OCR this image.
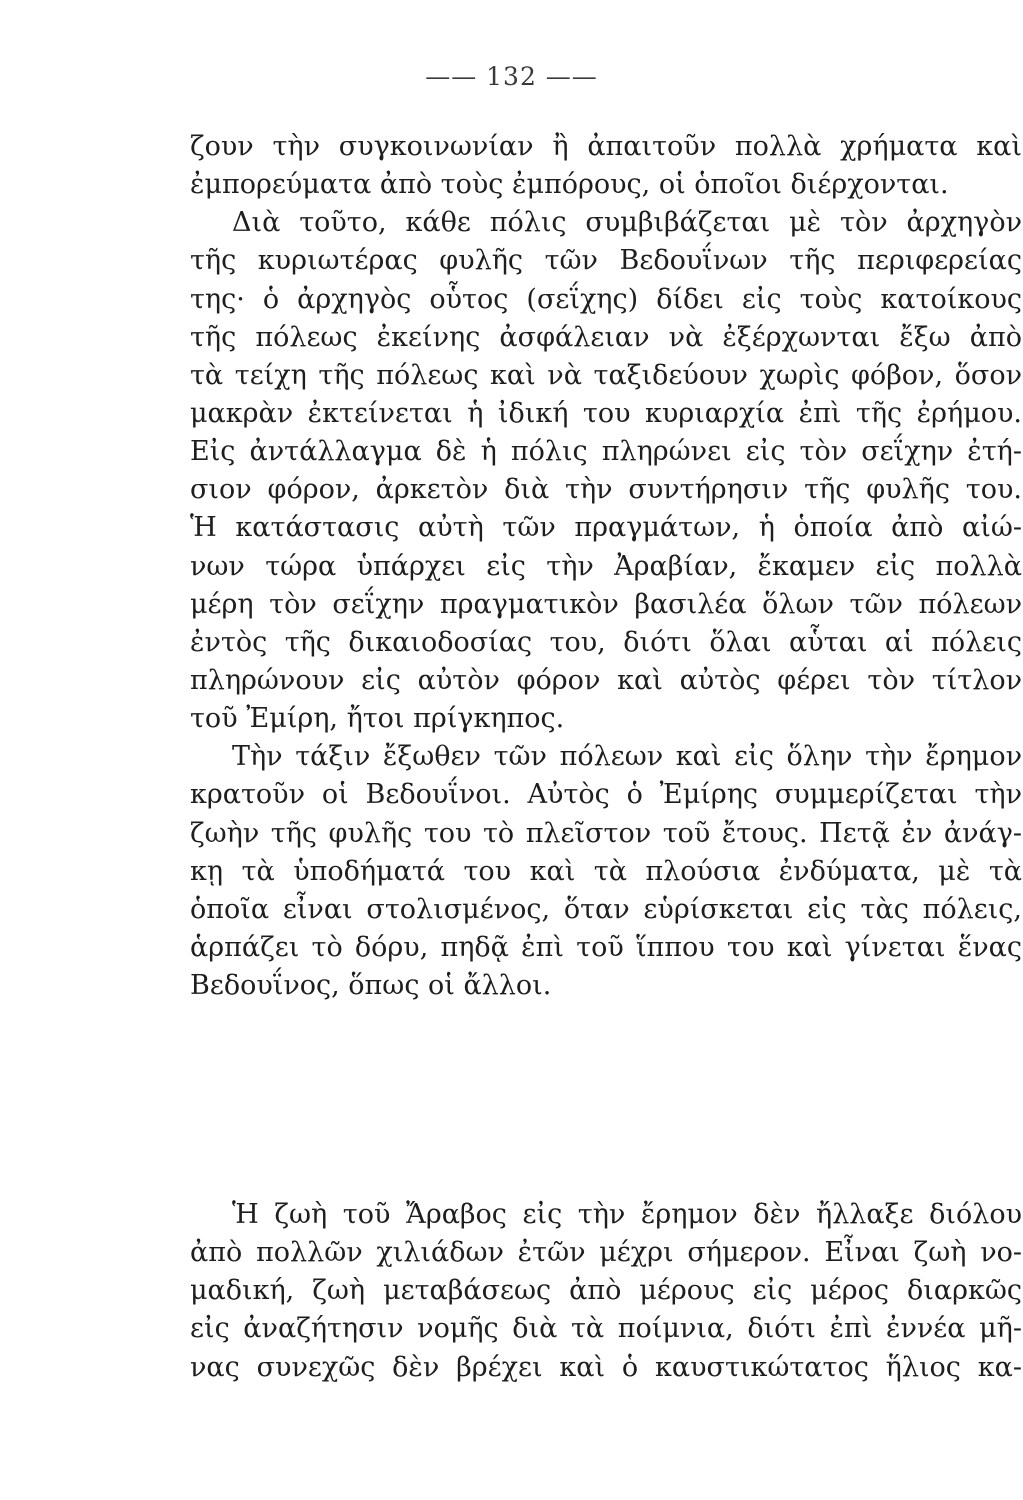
—— 132 ——
ζουν τὴν συγκοινωνίαν ἢ ἀπαιτοῦν πολλὰ χρήματα καὶ
ἐμπορεύματα ἀπὸ τοὺς ἐμπόρους, οἱ ὁποῖοι διέρχονται.
Διὰ τοῦτο, κάθε πόλις συμβιβάζεται μὲ τὸν ἀρχηγὸν
τῆς κυριωτέρας φυλῆς τῶν Βεδουΐνων τῆς περιφερείας
της· ὁ ἀρχηγὸς οὗτος (σεΐχης) δίδει εἰς τοὺς κατοίκους
τῆς πόλεως ἐκείνης ἀσφάλειαν νὰ ἐξέρχωνται ἔξω ἀπὸ
τὰ τείχη τῆς πόλεως καὶ νὰ ταξιδεύουν χωρὶς φόβον, ὅσον
μακρὰν ἐκτείνεται ἡ ἰδική του κυριαρχία ἐπὶ τῆς ἐρήμου.
Εἰς ἀντάλλαγμα δὲ ἡ πόλις πληρώνει εἰς τὸν σεΐχην ἐτή-
σιον φόρον, ἀρκετὸν διὰ τὴν συντήρησιν τῆς φυλῆς του.
Ἡ κατάστασις αὐτὴ τῶν πραγμάτων, ἡ ὁποία ἀπὸ αἰώ-
νων τώρα ὑπάρχει εἰς τὴν Ἀραβίαν, ἔκαμεν εἰς πολλὰ
μέρη τὸν σεΐχην πραγματικὸν βασιλέα ὅλων τῶν πόλεων
ἐντὸς τῆς δικαιοδοσίας του, διότι ὅλαι αὗται αἱ πόλεις
πληρώνουν εἰς αὐτὸν φόρον καὶ αὐτὸς φέρει τὸν τίτλον
τοῦ Ἐμίρη, ἤτοι πρίγκηπος.
Τὴν τάξιν ἔξωθεν τῶν πόλεων καὶ εἰς ὅλην τὴν ἔρημον
κρατοῦν οἱ Βεδουΐνοι. Αὐτὸς ὁ Ἐμίρης συμμερίζεται τὴν
ζωὴν τῆς φυλῆς του τὸ πλεῖστον τοῦ ἔτους. Πετᾷ ἐν ἀνάγ-
κῃ τὰ ὑποδήματά του καὶ τὰ πλούσια ἐνδύματα, μὲ τὰ
ὁποῖα εἶναι στολισμένος, ὅταν εὑρίσκεται εἰς τὰς πόλεις,
ἁρπάζει τὸ δόρυ, πηδᾷ ἐπὶ τοῦ ἵππου του καὶ γίνεται ἕνας
Βεδουΐνος, ὅπως οἱ ἄλλοι.
Ἡ ζωὴ τοῦ Ἄραβος εἰς τὴν ἔρημον δὲν ἤλλαξε διόλου
ἀπὸ πολλῶν χιλιάδων ἐτῶν μέχρι σήμερον. Εἶναι ζωὴ νο-
μαδική, ζωὴ μεταβάσεως ἀπὸ μέρους εἰς μέρος διαρκῶς
εἰς ἀναζήτησιν νομῆς διὰ τὰ ποίμνια, διότι ἐπὶ ἐννέα μῆ-
νας συνεχῶς δὲν βρέχει καὶ ὁ καυστικώτατος ἥλιος κα-
